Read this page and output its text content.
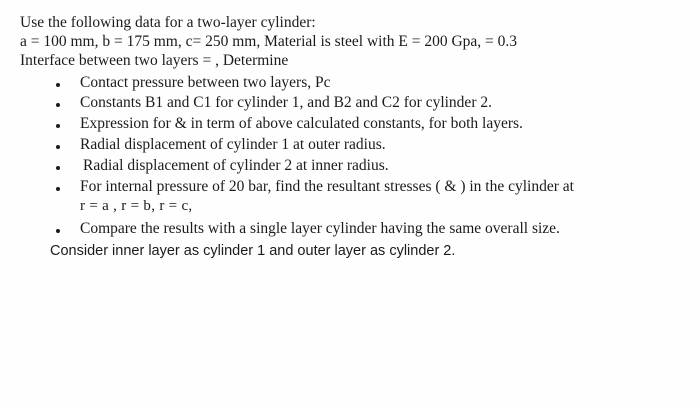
Use the following data for a two-layer cylinder:
a = 100 mm, b = 175 mm, c= 250 mm, Material is steel with E = 200 Gpa, = 0.3
Interface between two layers = , Determine
Contact pressure between two layers, Pc
Constants B1 and C1 for cylinder 1, and B2 and C2 for cylinder 2.
Expression for & in term of above calculated constants, for both layers.
Radial displacement of cylinder 1 at outer radius.
Radial displacement of cylinder 2 at inner radius.
For internal pressure of 20 bar, find the resultant stresses ( & ) in the cylinder at
r = a , r = b, r = c,
Compare the results with a single layer cylinder having the same overall size.
Consider inner layer as cylinder 1 and outer layer as cylinder 2.
